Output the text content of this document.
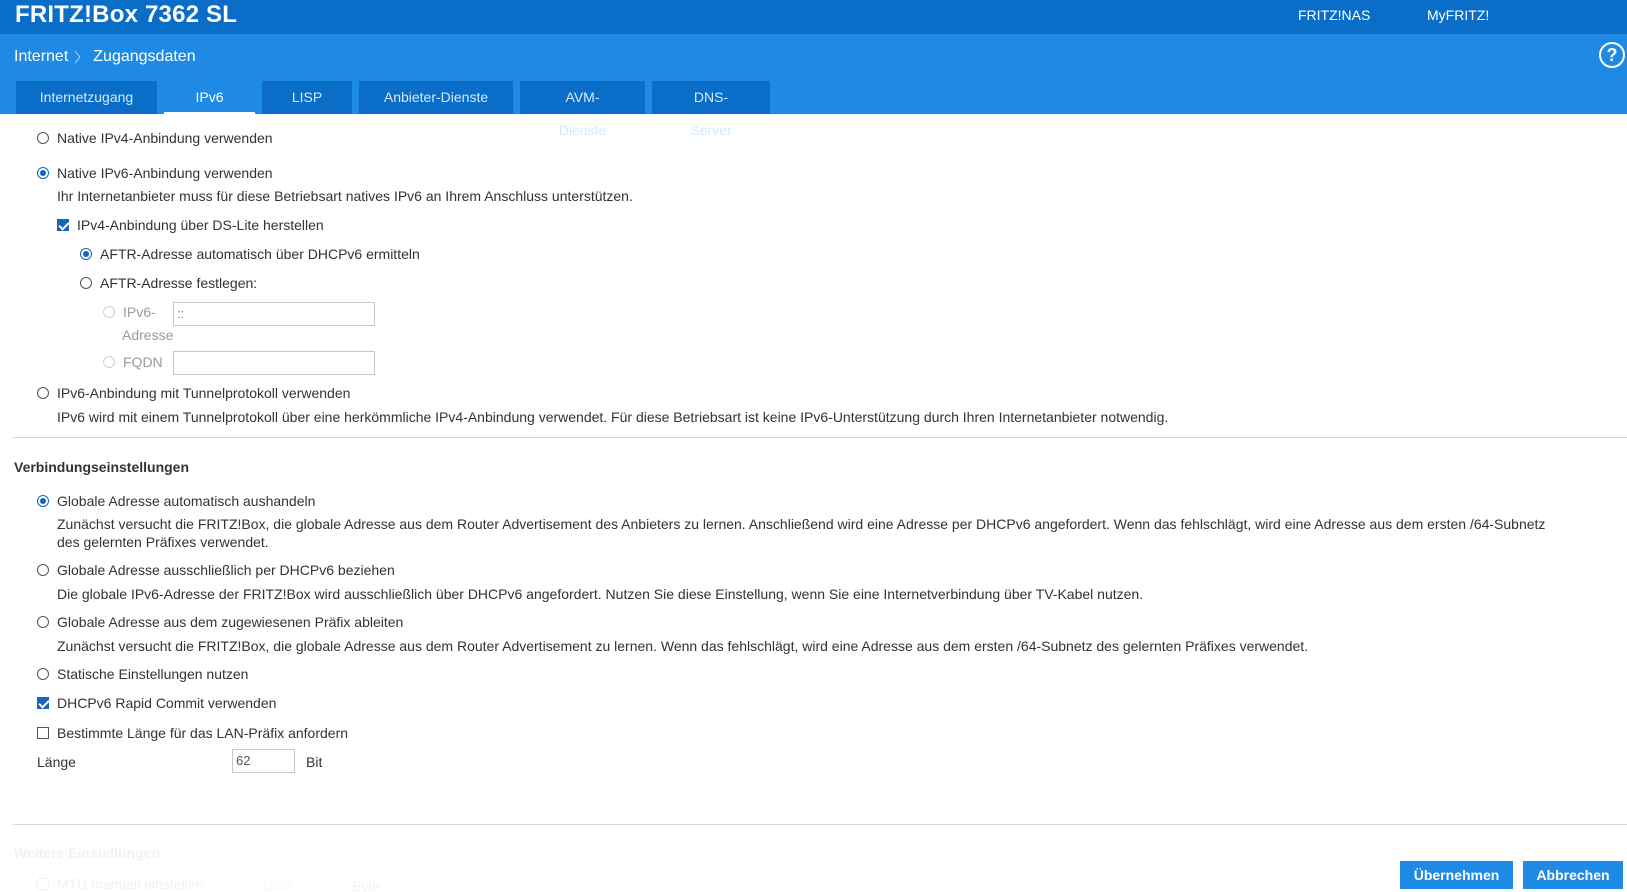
FRITZ!Box 7362 SL	FRITZ!NAS	MyFRITZ!
Internet 〉 Zugangsdaten	?
Internetzugang	IPv6	LISP	Anbieter-Dienste	AVM-Dienste
DNS-Server
Native IPv4-Anbindung verwenden
Native IPv6-Anbindung verwenden
Ihr Internetanbieter muss für diese Betriebsart natives IPv6 an Ihrem Anschluss unterstützen.
IPv4-Anbindung über DS-Lite herstellen
AFTR-Adresse automatisch über DHCPv6 ermitteln
AFTR-Adresse festlegen:
IPv6-
Adresse
::
FQDN
IPv6-Anbindung mit Tunnelprotokoll verwenden
IPv6 wird mit einem Tunnelprotokoll über eine herkömmliche IPv4-Anbindung verwendet. Für diese Betriebsart ist keine IPv6-Unterstützung durch Ihren Internetanbieter notwendig.
Verbindungseinstellungen
Globale Adresse automatisch aushandeln
Zunächst versucht die FRITZ!Box, die globale Adresse aus dem Router Advertisement des Anbieters zu lernen. Anschließend wird eine Adresse per DHCPv6 angefordert. Wenn das fehlschlägt, wird eine Adresse aus dem ersten /64-Subnetz des gelernten Präfixes verwendet.
Globale Adresse ausschließlich per DHCPv6 beziehen
Die globale IPv6-Adresse der FRITZ!Box wird ausschließlich über DHCPv6 angefordert. Nutzen Sie diese Einstellung, wenn Sie eine Internetverbindung über TV-Kabel nutzen.
Globale Adresse aus dem zugewiesenen Präfix ableiten
Zunächst versucht die FRITZ!Box, die globale Adresse aus dem Router Advertisement zu lernen. Wenn das fehlschlägt, wird eine Adresse aus dem ersten /64-Subnetz des gelernten Präfixes verwendet.
Statische Einstellungen nutzen
DHCPv6 Rapid Commit verwenden
Bestimmte Länge für das LAN-Präfix anfordern
Länge	62	Bit
Übernehmen	Abbrechen
